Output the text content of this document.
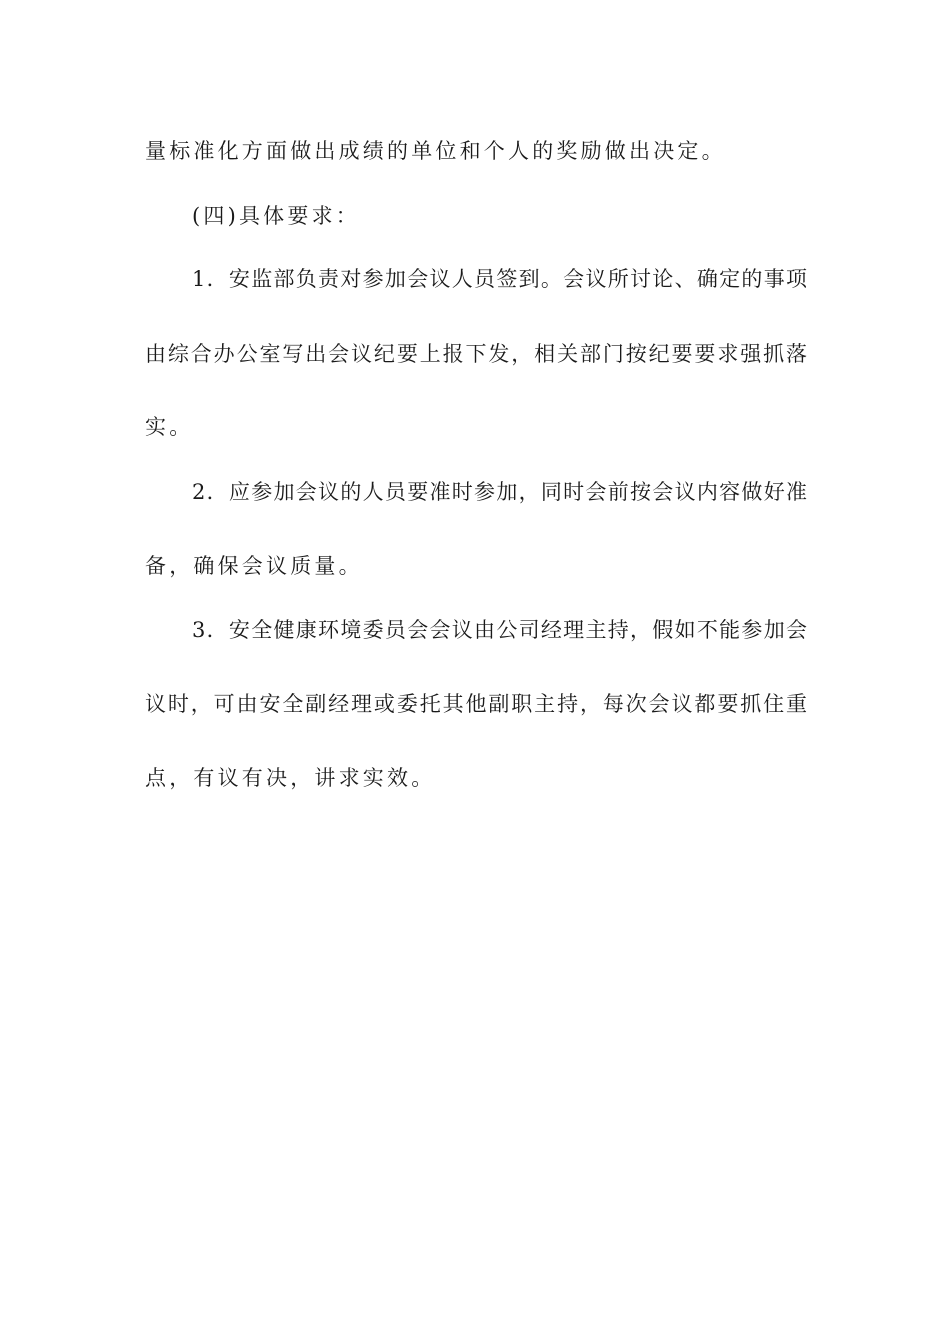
量标准化方面做出成绩的单位和个人的奖励做出决定。
(四)具体要求：
1．安监部负责对参加会议人员签到。会议所讨论、确定的事项
由综合办公室写出会议纪要上报下发，相关部门按纪要要求强抓落
实。
2．应参加会议的人员要准时参加，同时会前按会议内容做好准
备，确保会议质量。
3．安全健康环境委员会会议由公司经理主持，假如不能参加会
议时，可由安全副经理或委托其他副职主持，每次会议都要抓住重
点，有议有决，讲求实效。
